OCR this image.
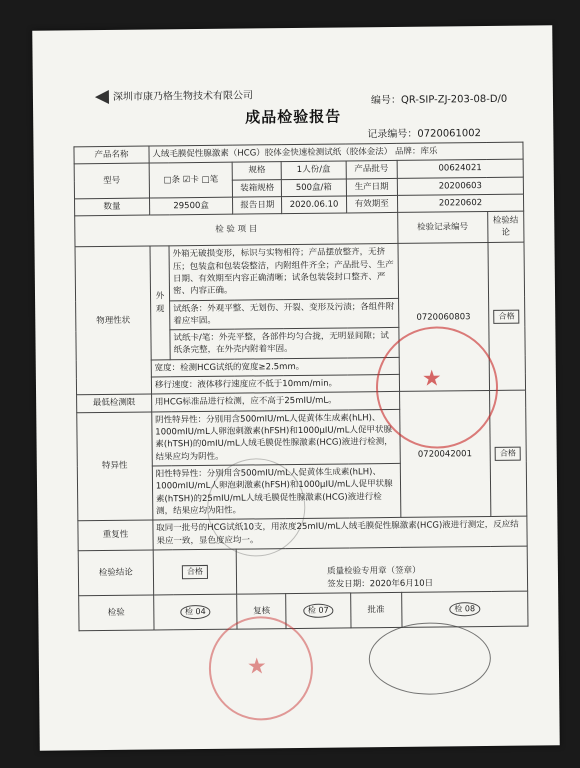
深圳市康乃格生物技术有限公司	编号：QR-SIP-ZJ-203-08-D/0
成品检验报告
记录编号：0720061002
产品名称	人绒毛膜促性腺激素（HCG）胶体金快速检测试纸（胶体金法） 品牌：库乐						
型号	□条 ☑卡 □笔		规格	1人份/盒	产品批号	00624021	
			装箱规格	500盒/箱	生产日期	20200603	
数量	29500盒		报告日期	2020.06.10	有效期至	20220602	
检 验 项 目						检验记录编号	检验结论
物理性状	外观	外箱无破损变形，标识与实物相符；产品摆放整齐，无挤压；包装盒和包装袋整洁，内附组件齐全；产品批号、生产日期、有效期至内容正确清晰；试条包装袋封口整齐、严密、内容正确。				0720060803	合格
		试纸条：外观平整、无划伤、开裂、变形及污渍；各组件附着应牢固。					
		试纸卡/笔：外壳平整，各部件均匀合拢，无明显间隙；试纸条完整，在外壳内附着牢固。					
	宽度：检测HCG试纸的宽度≥2.5mm。						
	移行速度：液体移行速度应不低于10mm/min。						
最低检测限	用HCG标准品进行检测，应不高于25mIU/mL。					0720042001	合格
特异性	阴性特异性：分别用含500mIU/mL人促黄体生成素(hLH)、1000mIU/mL人卵泡刺激素(hFSH)和1000μIU/mL人促甲状腺素(hTSH)的0mIU/mL人绒毛膜促性腺激素(HCG)液进行检测，结果应均为阴性。						
	阳性特异性：分别用含500mIU/mL人促黄体生成素(hLH)、1000mIU/mL人卵泡刺激素(hFSH)和1000μIU/mL人促甲状腺素(hTSH)的25mIU/mL人绒毛膜促性腺激素(HCG)液进行检测，结果应均为阳性。						
重复性	取同一批号的HCG试纸10支，用浓度25mIU/mL人绒毛膜促性腺激素(HCG)液进行测定，反应结果应一致，显色度应均一。						
检验结论	合格		质量检验专用章（签章）
签发日期：2020年6月10日				

检验	检 04		复核	检 07	批准	检 08	
★
★
